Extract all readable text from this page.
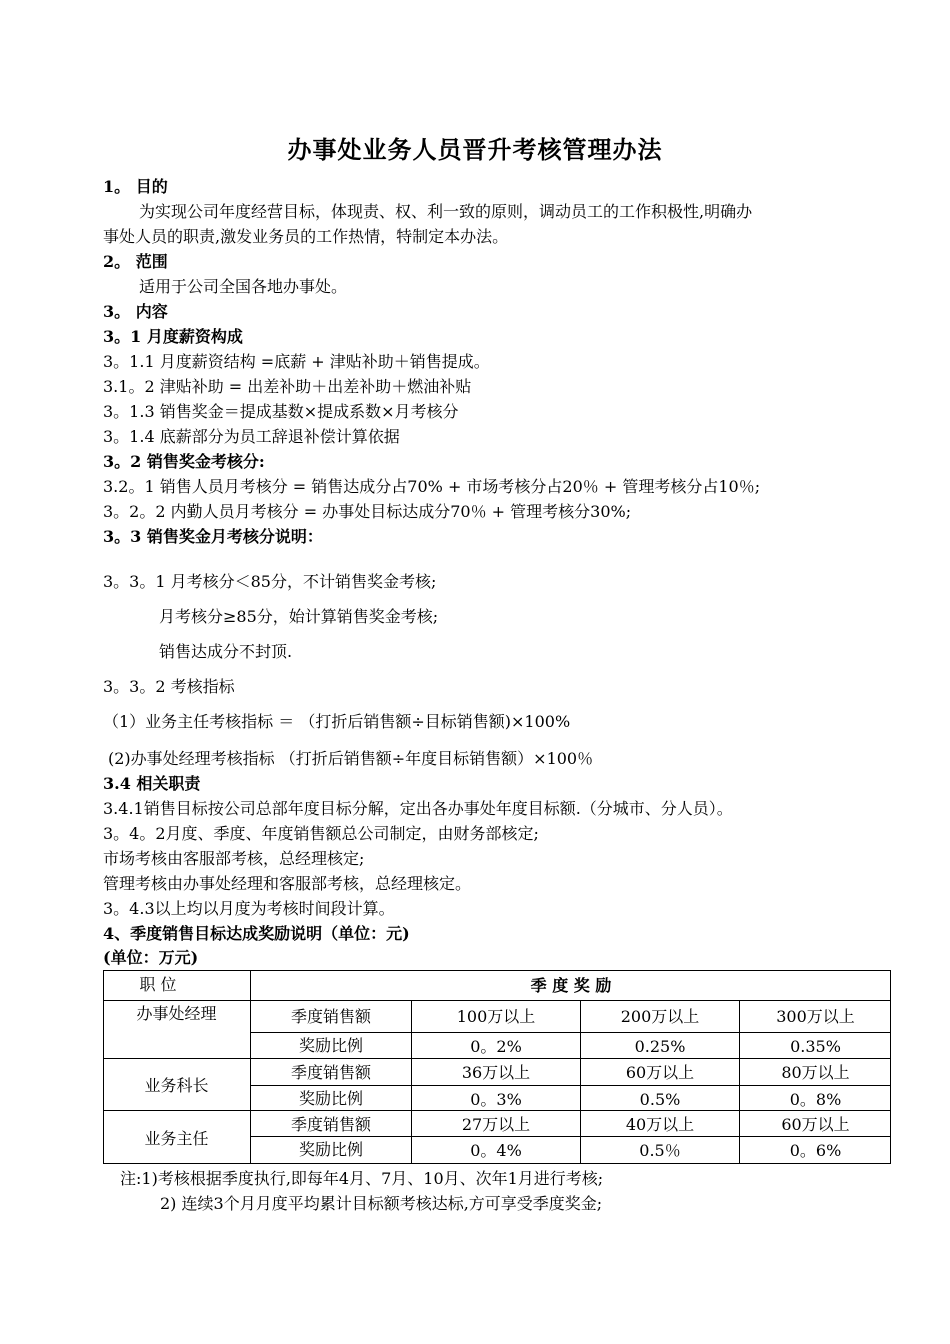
办事处业务人员晋升考核管理办法
1。 目的
为实现公司年度经营目标，体现责、权、利一致的原则，调动员工的工作积极性,明确办
事处人员的职责,激发业务员的工作热情，特制定本办法。
2。 范围
适用于公司全国各地办事处。
3。 内容
3。1 月度薪资构成
3。1.1 月度薪资结构 =底薪 + 津贴补助＋销售提成。
3.1。2 津贴补助 = 出差补助＋出差补助＋燃油补贴
3。1.3 销售奖金＝提成基数×提成系数×月考核分
3。1.4 底薪部分为员工辞退补偿计算依据
3。2 销售奖金考核分:
3.2。1 销售人员月考核分 = 销售达成分占70% + 市场考核分占20％ + 管理考核分占10％;
3。2。2 内勤人员月考核分 = 办事处目标达成分70％ + 管理考核分30%;
3。3 销售奖金月考核分说明：
3。3。1 月考核分＜85分，不计销售奖金考核;
月考核分≥85分，始计算销售奖金考核;
销售达成分不封顶.
3。3。2 考核指标
（1）业务主任考核指标 ＝ （打折后销售额÷目标销售额)×100%
(2)办事处经理考核指标 （打折后销售额÷年度目标销售额）×100％
3.4 相关职责
3.4.1销售目标按公司总部年度目标分解，定出各办事处年度目标额.（分城市、分人员）。
3。4。2月度、季度、年度销售额总公司制定，由财务部核定;
市场考核由客服部考核，总经理核定;
管理考核由办事处经理和客服部考核，总经理核定。
3。4.3以上均以月度为考核时间段计算。
4、季度销售目标达成奖励说明（单位：元)
(单位：万元)
职 位	季 度 奖 励
办事处经理	季度销售额	100万以上	200万以上	300万以上
奖励比例	0。2%	0.25%	0.35%
业务科长
季度销售额	36万以上	60万以上	80万以上
奖励比例	0。3%	0.5%	0。8%
业务主任
季度销售额	27万以上	40万以上	60万以上
奖励比例	0。4%	0.5％	0。6%
注:1)考核根据季度执行,即每年4月、7月、10月、次年1月进行考核;
2) 连续3个月月度平均累计目标额考核达标,方可享受季度奖金;
